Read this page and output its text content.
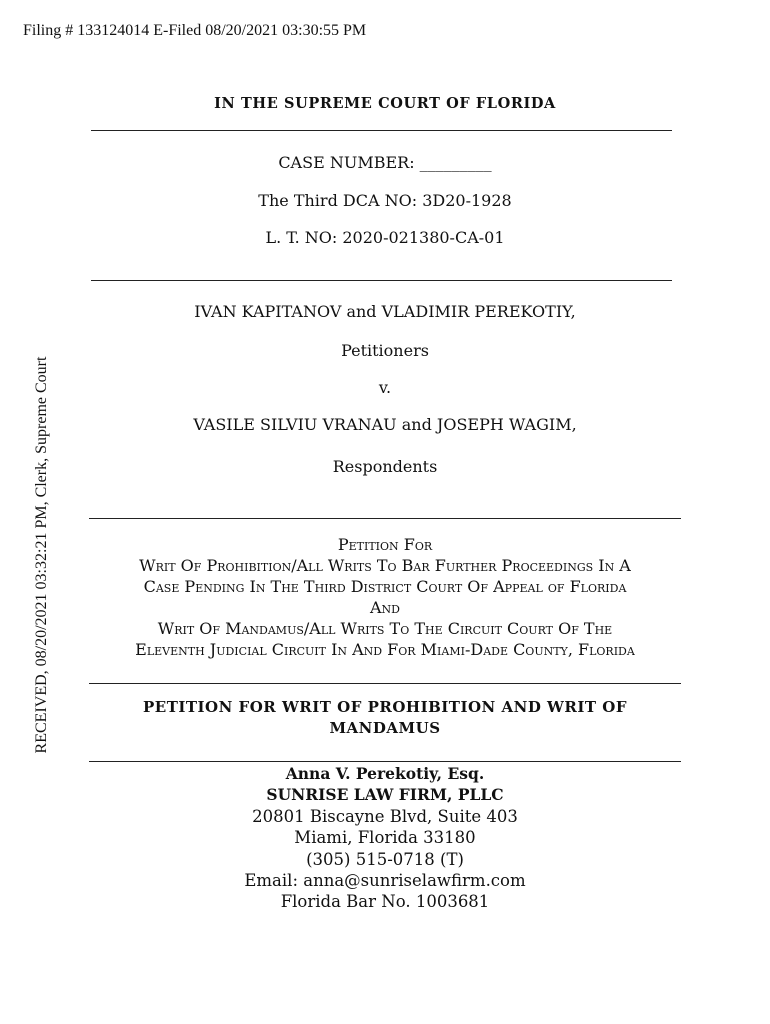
Filing # 133124014 E-Filed 08/20/2021 03:30:55 PM
RECEIVED, 08/20/2021 03:32:21 PM, Clerk, Supreme Court
IN THE SUPREME COURT OF FLORIDA
CASE NUMBER: _________
The Third DCA NO: 3D20-1928
L. T. NO: 2020-021380-CA-01
IVAN KAPITANOV and VLADIMIR PEREKOTIY,
Petitioners
v.
VASILE SILVIU VRANAU and JOSEPH WAGIM,
Respondents
Petition For
Writ Of Prohibition/All Writs To Bar Further Proceedings In A
Case Pending In The Third District Court Of Appeal of Florida
And
Writ Of Mandamus/All Writs To The Circuit Court Of The
Eleventh Judicial Circuit In And For Miami-Dade County, Florida
PETITION FOR WRIT OF PROHIBITION AND WRIT OF
MANDAMUS
Anna V. Perekotiy, Esq.
SUNRISE LAW FIRM, PLLC
20801 Biscayne Blvd, Suite 403
Miami, Florida 33180
(305) 515-0718 (T)
Email: anna@sunriselawfirm.com
Florida Bar No. 1003681
